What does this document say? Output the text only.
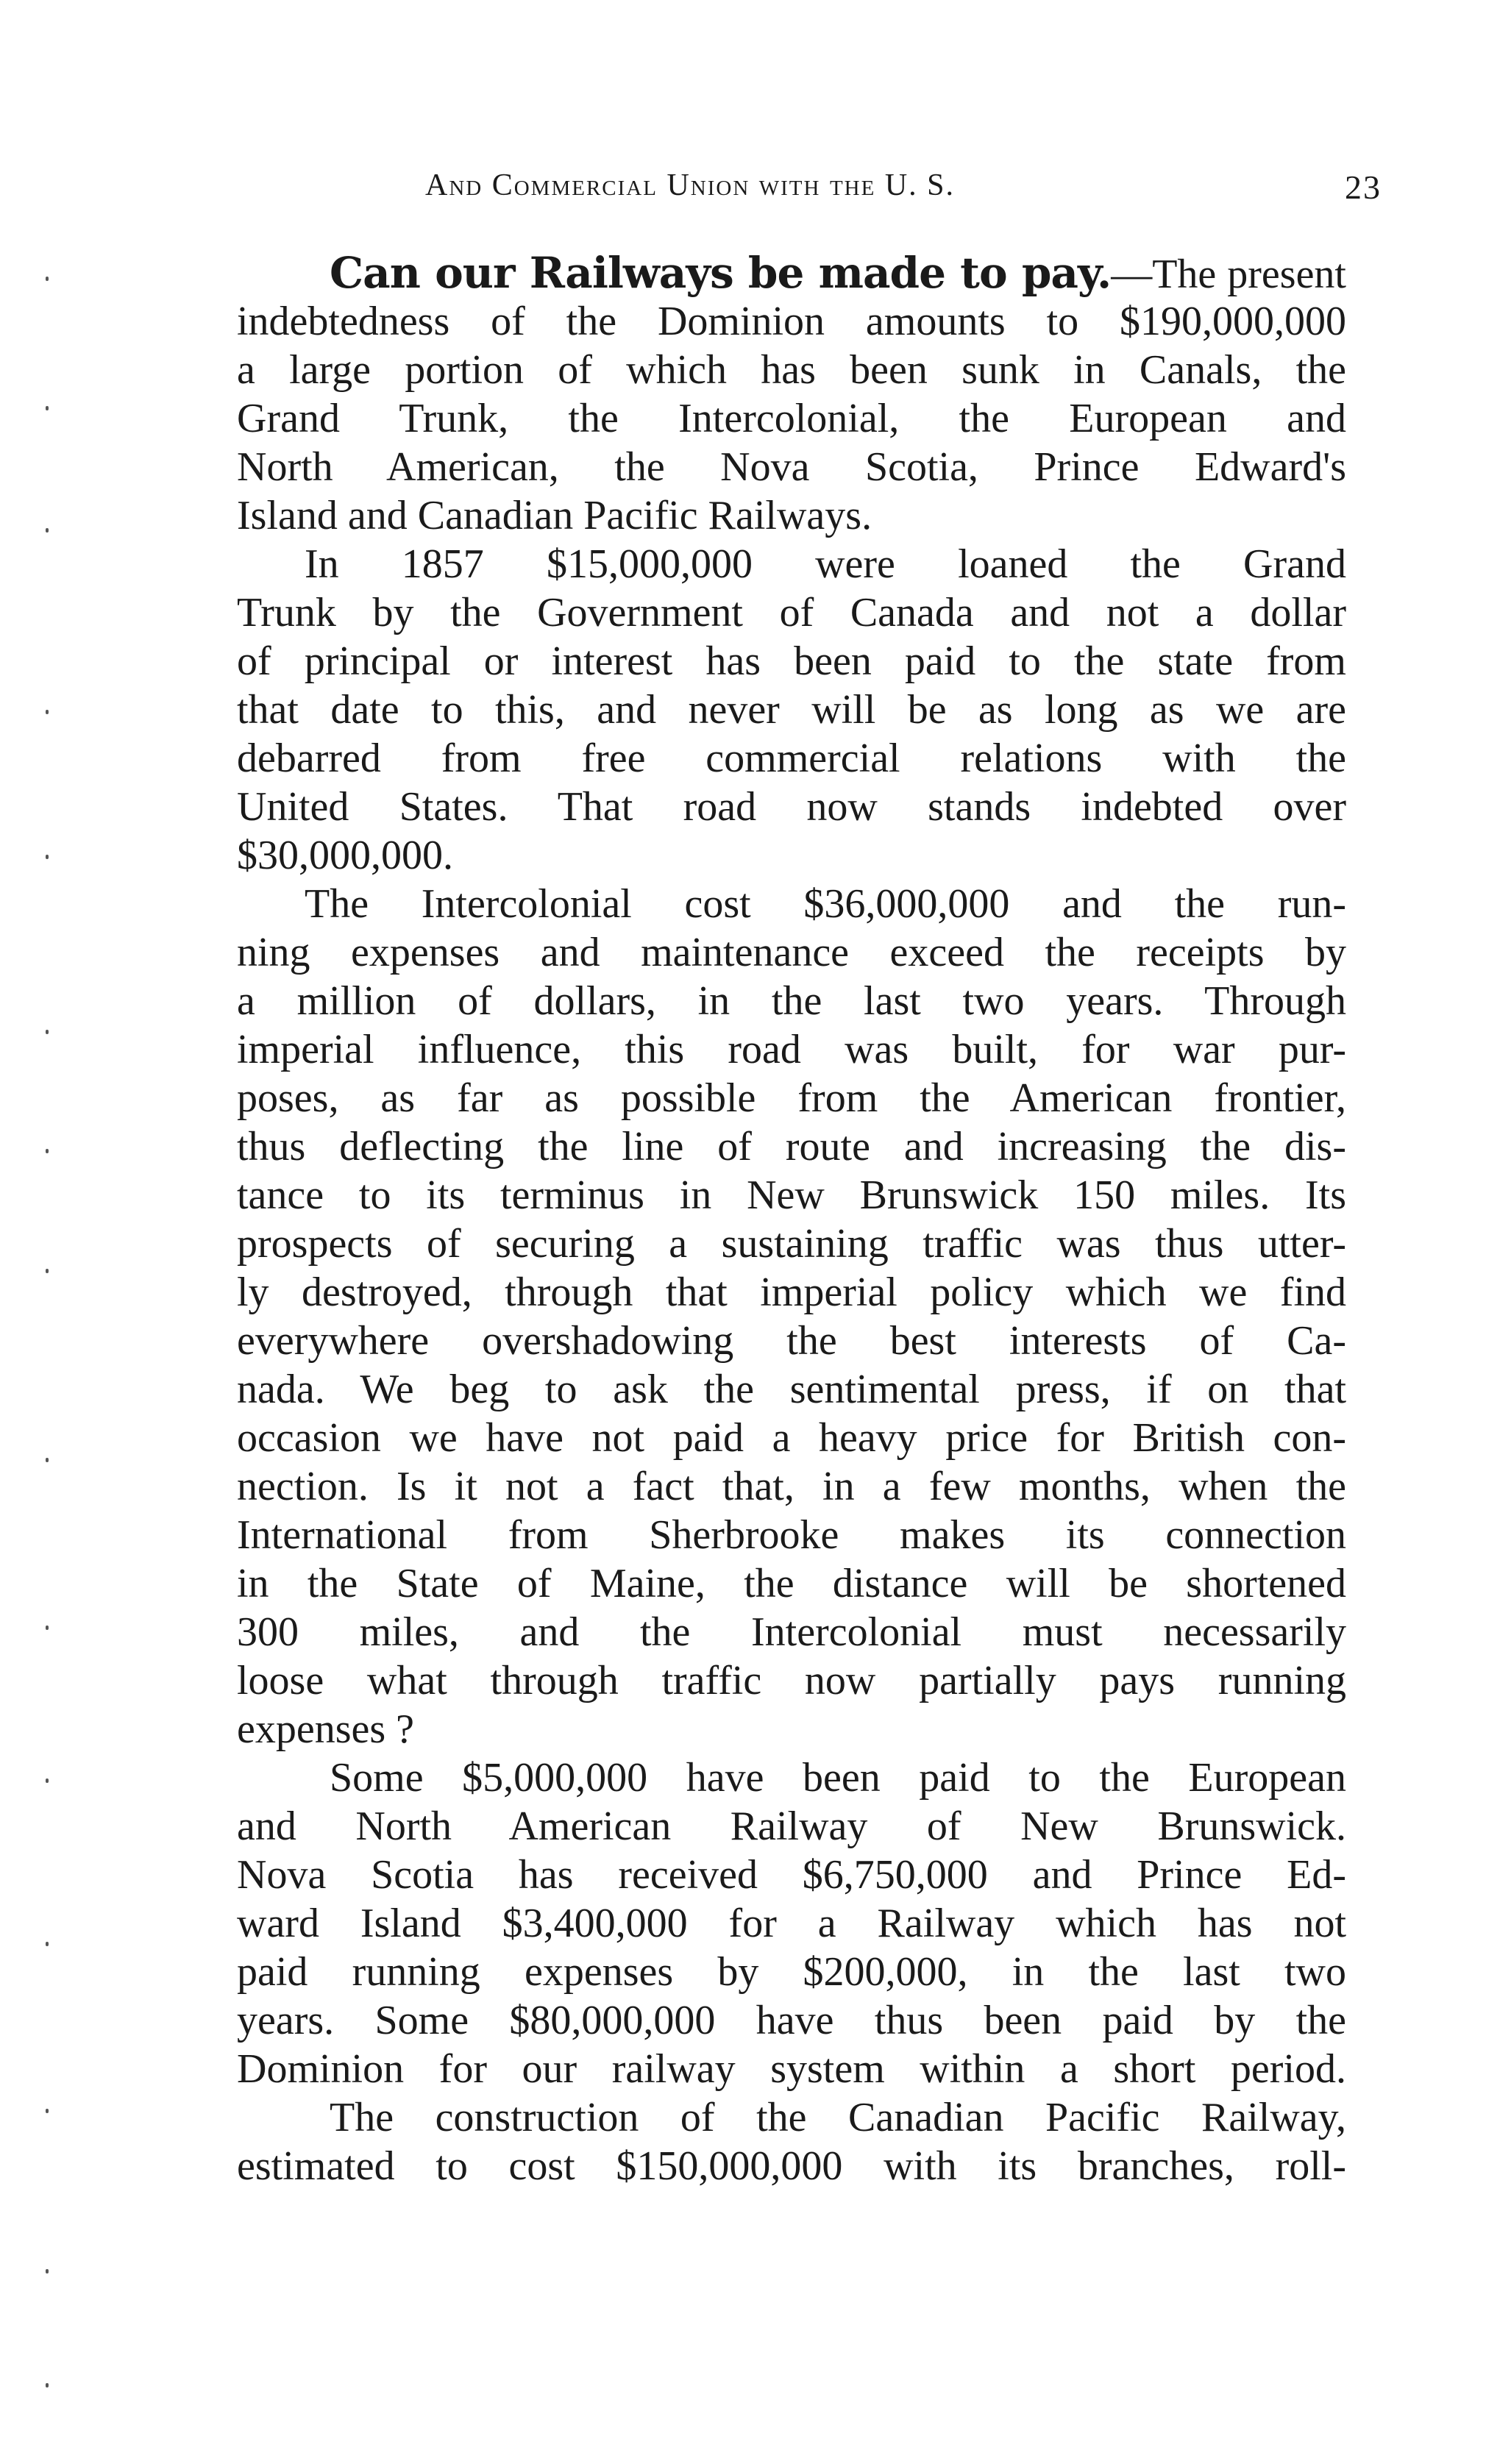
And Commercial Union with the U. S.	23
Can our Railways be made to pay.—The present
indebtedness of the Dominion amounts to $190,000,000
a large portion of which has been sunk in Canals, the
Grand Trunk, the Intercolonial, the European and
North American, the Nova Scotia, Prince Edward's
Island and Canadian Pacific Railways.
In 1857 $15,000,000 were loaned the Grand
Trunk by the Government of Canada and not a dollar
of principal or interest has been paid to the state from
that date to this, and never will be as long as we are
debarred from free commercial relations with the
United States. That road now stands indebted over
$30,000,000.
The Intercolonial cost $36,000,000 and the run-
ning expenses and maintenance exceed the receipts by
a million of dollars, in the last two years. Through
imperial influence, this road was built, for war pur-
poses, as far as possible from the American frontier,
thus deflecting the line of route and increasing the dis-
tance to its terminus in New Brunswick 150 miles. Its
prospects of securing a sustaining traffic was thus utter-
ly destroyed, through that imperial policy which we find
everywhere overshadowing the best interests of Ca-
nada. We beg to ask the sentimental press, if on that
occasion we have not paid a heavy price for British con-
nection. Is it not a fact that, in a few months, when the
International from Sherbrooke makes its connection
in the State of Maine, the distance will be shortened
300 miles, and the Intercolonial must necessarily
loose what through traffic now partially pays running
expenses ?
Some $5,000,000 have been paid to the European
and North American Railway of New Brunswick.
Nova Scotia has received $6,750,000 and Prince Ed-
ward Island $3,400,000 for a Railway which has not
paid running expenses by $200,000, in the last two
years. Some $80,000,000 have thus been paid by the
Dominion for our railway system within a short period.
The construction of the Canadian Pacific Railway,
estimated to cost $150,000,000 with its branches, roll-
